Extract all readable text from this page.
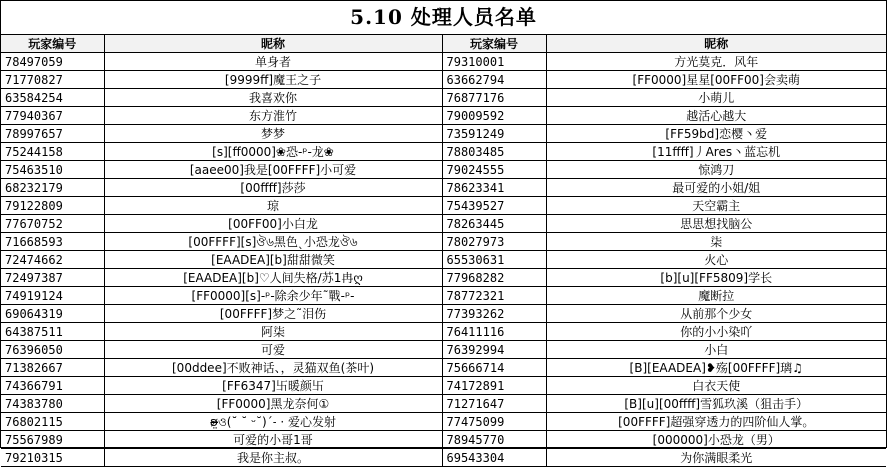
5.10 处理人员名单
玩家编号	昵称	玩家编号	昵称
78497059	单身者	79310001	方光莫克．风年
71770827	[9999ff]魔王之子	63662794	[FF0000]星星[00FF00]会卖萌
63584254	我喜欢你	76877176	小萌儿
77940367	东方淮竹	79009592	越活心越大
78997657	梦梦	73591249	[FF59bd]恋樱丶爱
75244158	[s][ff0000]❀恐-ᵖ-龙❀	78803485	[11ffff]丿Ares丶蓝忘机
75463510	[aaee00]我是[00FFFF]小可爱	79024555	惊鸿刀
68232179	[00ffff]莎莎	78623341	最可爱的小姐/姐
79122809	琼	75439527	天空霸主
77670752	[00FF00]小白龙	78263445	思思想找脑公
71668593	[00FFFF][s]ঔ৬黑色ˎ小恐龙ঔ৬	78027973	柒
72474662	[EAADEA][b]甜甜微笑	65530631	火心
72497387	[EAADEA][b]♡人间失格/苏1冉ღ	77968282	[b][u][FF5809]学长
74919124	[FF0000][s]-ᵖ-除余少年˜戰-ᵖ-	78772321	魔断拉
69064319	[00FFFF]梦之˜泪伤	77393262	从前那个少女
64387511	阿柒	76411116	你的小小染吖
76396050	可爱	76392994	小白
71382667	[00ddee]不败神话、，灵猫双鱼(茶叶)	75666714	[B][EAADEA]❥殇[00FFFF]璃♫
74366791	[FF6347]卐暖颜卐	74172891	白衣天使
74383780	[FF0000]黑龙奈何①	71271647	[B][u][00ffff]雪狐玖溪（狙击手）
76802115	ʚ̴̶̷̤ও(˘ ˘ ᵕ˘)ˊ˗ · 爱心发射	77475099	[00FFFF]超强穿透力的四阶仙人掌。
75567989	可爱的小哥1哥	78945770	[000000]小恐龙（男）
79210315	我是你主叔。	69543304	为你满眼柔光
